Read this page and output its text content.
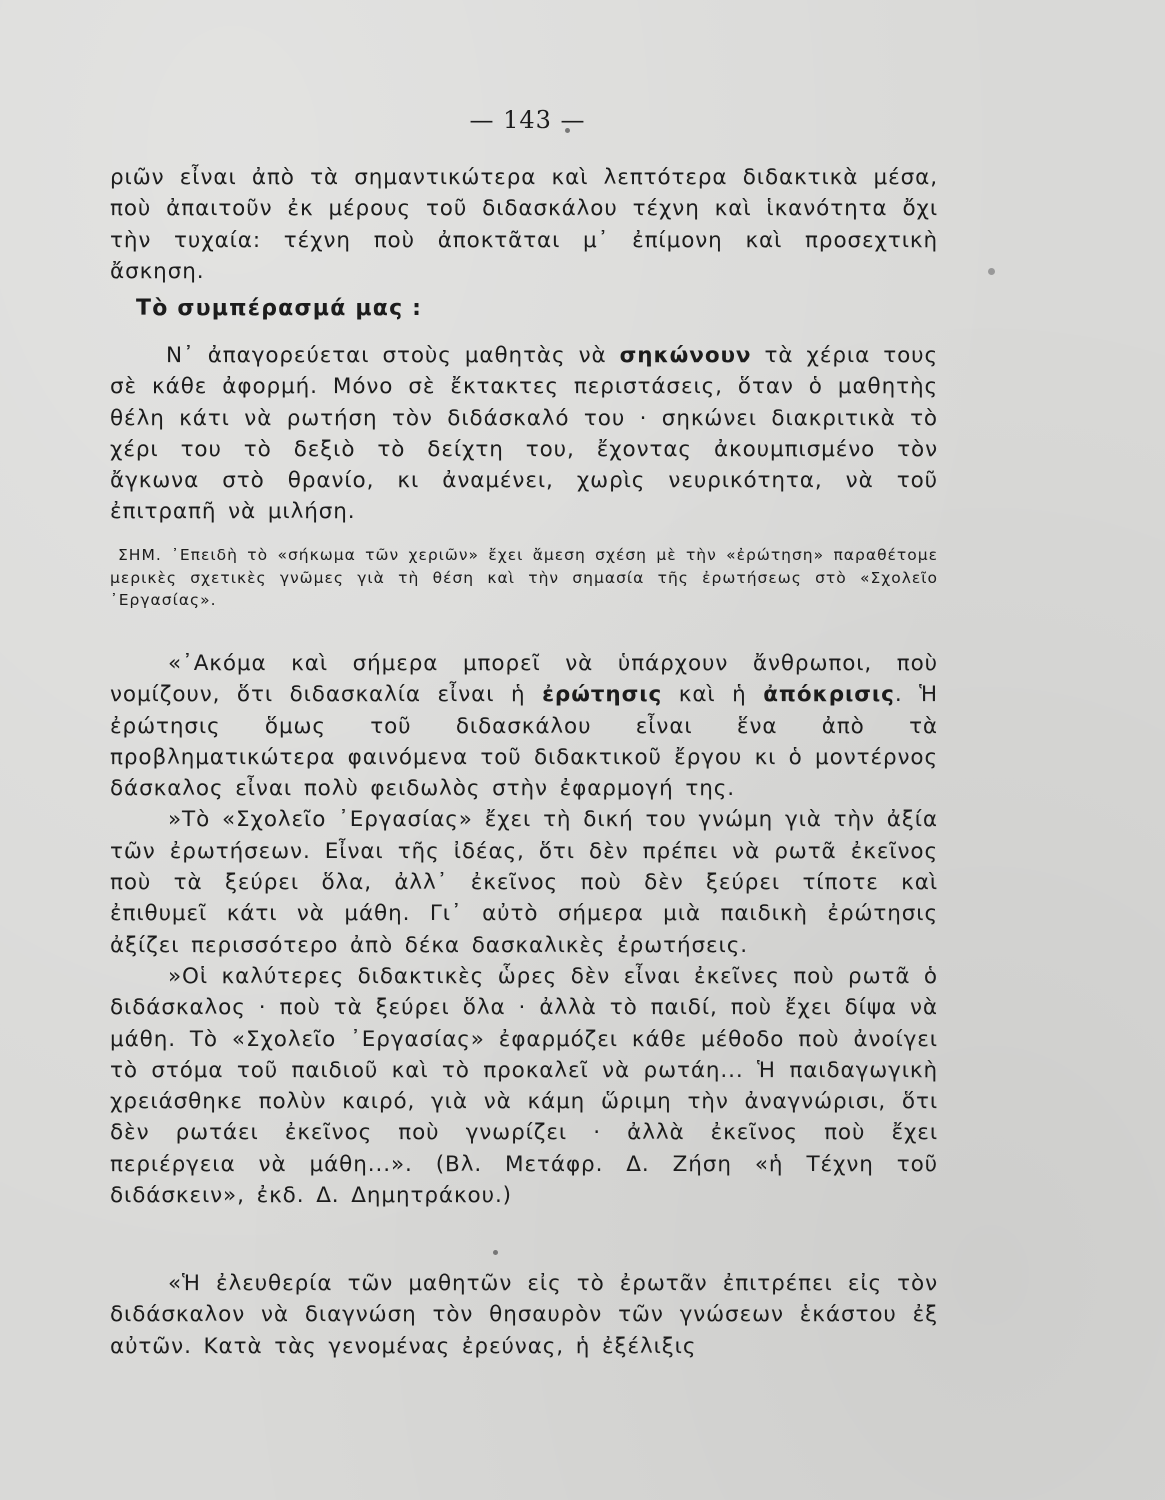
— 143 —

ριῶν εἶναι ἀπὸ τὰ σημαντικώτερα καὶ λεπτότερα διδακτικὰ μέσα, ποὺ ἀπαιτοῦν ἐκ μέρους τοῦ διδασκάλου τέχνη καὶ ἱκανότητα ὄχι τὴν τυχαία: τέχνη ποὺ ἀποκτᾶται μ᾽ ἐπίμονη καὶ προσεχτικὴ ἄσκηση.

Τὸ συμπέρασμά μας :

Ν᾽ ἀπαγορεύεται στοὺς μαθητὰς νὰ σηκώνουν τὰ χέρια τους σὲ κάθε ἀφορμή. Μόνο σὲ ἔκτακτες περιστάσεις, ὅταν ὁ μαθητὴς θέλη κάτι νὰ ρωτήση τὸν διδάσκαλό του · σηκώνει διακριτικὰ τὸ χέρι του τὸ δεξιὸ τὸ δείχτη του, ἔχοντας ἀκουμπισμένο τὸν ἄγκωνα στὸ θρανίο, κι ἀναμένει, χωρὶς νευρικότητα, νὰ τοῦ ἐπιτραπῆ νὰ μιλήση.

ΣΗΜ. ᾿Επειδὴ τὸ «σήκωμα τῶν χεριῶν» ἔχει ἄμεση σχέση μὲ τὴν «ἐρώτηση» παραθέτομε μερικὲς σχετικὲς γνῶμες γιὰ τὴ θέση καὶ τὴν σημασία τῆς ἐρωτήσεως στὸ «Σχολεῖο ᾿Εργασίας».

«᾿Ακόμα καὶ σήμερα μπορεῖ νὰ ὑπάρχουν ἄνθρωποι, ποὺ νομίζουν, ὅτι διδασκαλία εἶναι ἡ ἐρώτησις καὶ ἡ ἀπόκρισις. Ἡ ἐρώτησις ὅμως τοῦ διδασκάλου εἶναι ἕνα ἀπὸ τὰ προβληματικώτερα φαινόμενα τοῦ διδακτικοῦ ἔργου κι ὁ μοντέρνος δάσκαλος εἶναι πολὺ φειδωλὸς στὴν ἐφαρμογή της.

»Τὸ «Σχολεῖο ᾿Εργασίας» ἔχει τὴ δική του γνώμη γιὰ τὴν ἀξία τῶν ἐρωτήσεων. Εἶναι τῆς ἰδέας, ὅτι δὲν πρέπει νὰ ρωτᾶ ἐκεῖνος ποὺ τὰ ξεύρει ὅλα, ἀλλ᾽ ἐκεῖνος ποὺ δὲν ξεύρει τίποτε καὶ ἐπιθυμεῖ κάτι νὰ μάθη. Γι᾽ αὐτὸ σήμερα μιὰ παιδικὴ ἐρώτησις ἀξίζει περισσότερο ἀπὸ δέκα δασκαλικὲς ἐρωτήσεις.

»Οἱ καλύτερες διδακτικὲς ὧρες δὲν εἶναι ἐκεῖνες ποὺ ρωτᾶ ὁ διδάσκαλος · ποὺ τὰ ξεύρει ὅλα · ἀλλὰ τὸ παιδί, ποὺ ἔχει δίψα νὰ μάθη. Τὸ «Σχολεῖο ᾿Εργασίας» ἐφαρμόζει κάθε μέθοδο ποὺ ἀνοίγει τὸ στόμα τοῦ παιδιοῦ καὶ τὸ προκαλεῖ νὰ ρωτάη... Ἡ παιδαγωγικὴ χρειάσθηκε πολὺν καιρό, γιὰ νὰ κάμη ὥριμη τὴν ἀναγνώρισι, ὅτι δὲν ρωτάει ἐκεῖνος ποὺ γνωρίζει · ἀλλὰ ἐκεῖνος ποὺ ἔχει περιέργεια νὰ μάθη...». (Βλ. Μετάφρ. Δ. Ζήση «ἡ Τέχνη τοῦ διδάσκειν», ἐκδ. Δ. Δημητράκου.)

«Ἡ ἐλευθερία τῶν μαθητῶν εἰς τὸ ἐρωτᾶν ἐπιτρέπει εἰς τὸν διδάσκαλον νὰ διαγνώση τὸν θησαυρὸν τῶν γνώσεων ἑκάστου ἐξ αὐτῶν. Κατὰ τὰς γενομένας ἐρεύνας, ἡ ἐξέλιξις
